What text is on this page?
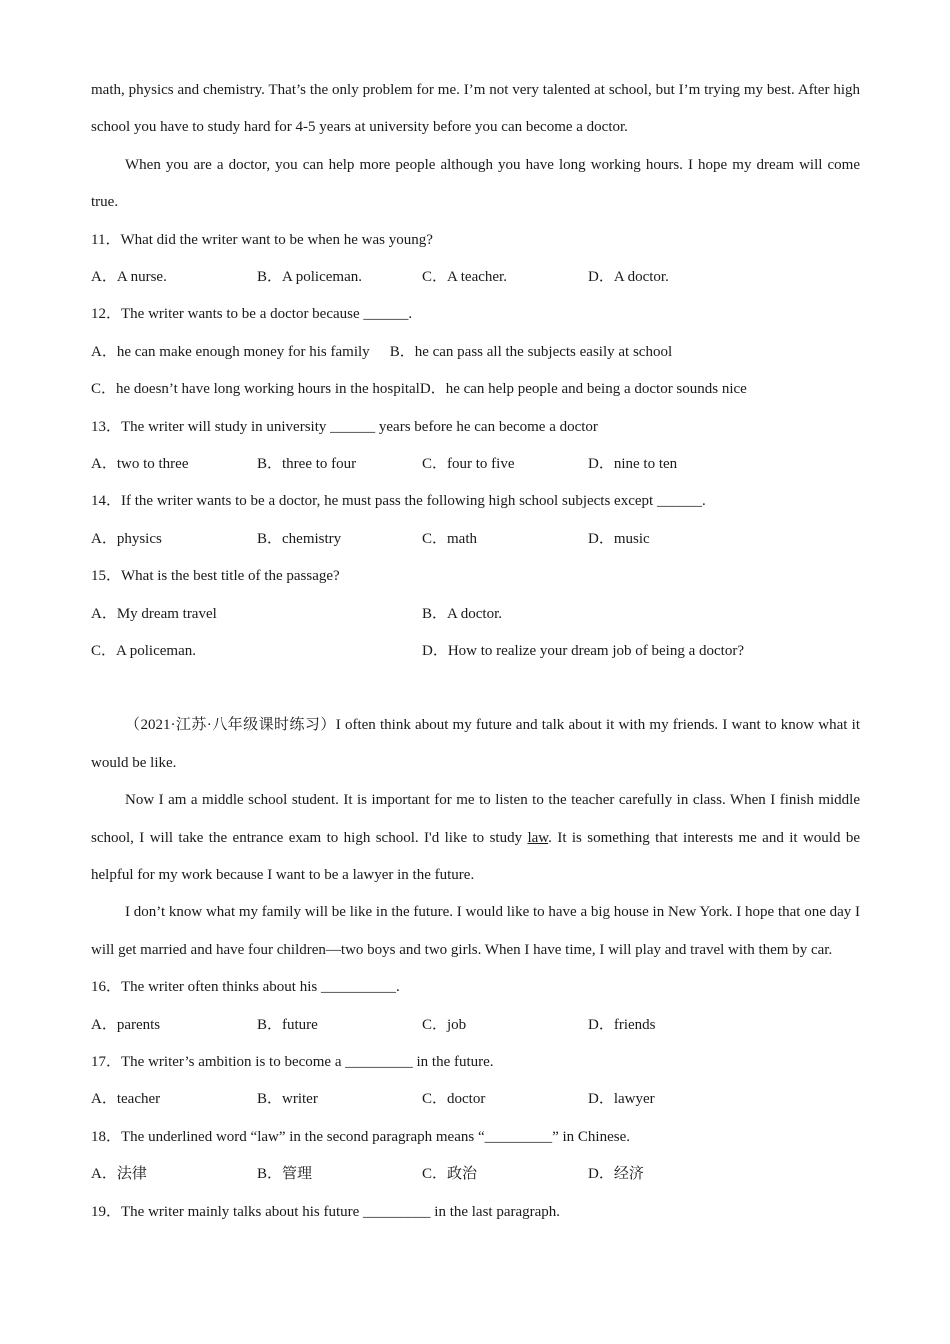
math, physics and chemistry. That’s the only problem for me. I’m not very talented at school, but I’m trying my best. After high school you have to study hard for 4-5 years at university before you can become a doctor.

When you are a doctor, you can help more people although you have long working hours. I hope my dream will come true.

11．What did the writer want to be when he was young?
A．A nurse.	B．A policeman.	C．A teacher.	D．A doctor.
12．The writer wants to be a doctor because ______.
A．he can make enough money for his family B．he can pass all the subjects easily at school
C．he doesn’t have long working hours in the hospitalD．he can help people and being a doctor sounds nice
13．The writer will study in university ______ years before he can become a doctor
A．two to three	B．three to four	C．four to five	D．nine to ten
14．If the writer wants to be a doctor, he must pass the following high school subjects except ______.
A．physics	B．chemistry	C．math	D．music
15．What is the best title of the passage?
A．My dream travel	B．A doctor.
C．A policeman.	D．How to realize your dream job of being a doctor?

（2021·江苏·八年级课时练习）I often think about my future and talk about it with my friends. I want to know what it would be like.

Now I am a middle school student. It is important for me to listen to the teacher carefully in class. When I finish middle school, I will take the entrance exam to high school. I'd like to study law. It is something that interests me and it would be helpful for my work because I want to be a lawyer in the future.

I don’t know what my family will be like in the future. I would like to have a big house in New York. I hope that one day I will get married and have four children—two boys and two girls. When I have time, I will play and travel with them by car.

16．The writer often thinks about his __________.
A．parents	B．future	C．job	D．friends
17．The writer’s ambition is to become a _________ in the future.
A．teacher	B．writer	C．doctor	D．lawyer
18．The underlined word “law” in the second paragraph means “_________” in Chinese.
A．法律	B．管理	C．政治	D．经济
19．The writer mainly talks about his future _________ in the last paragraph.
